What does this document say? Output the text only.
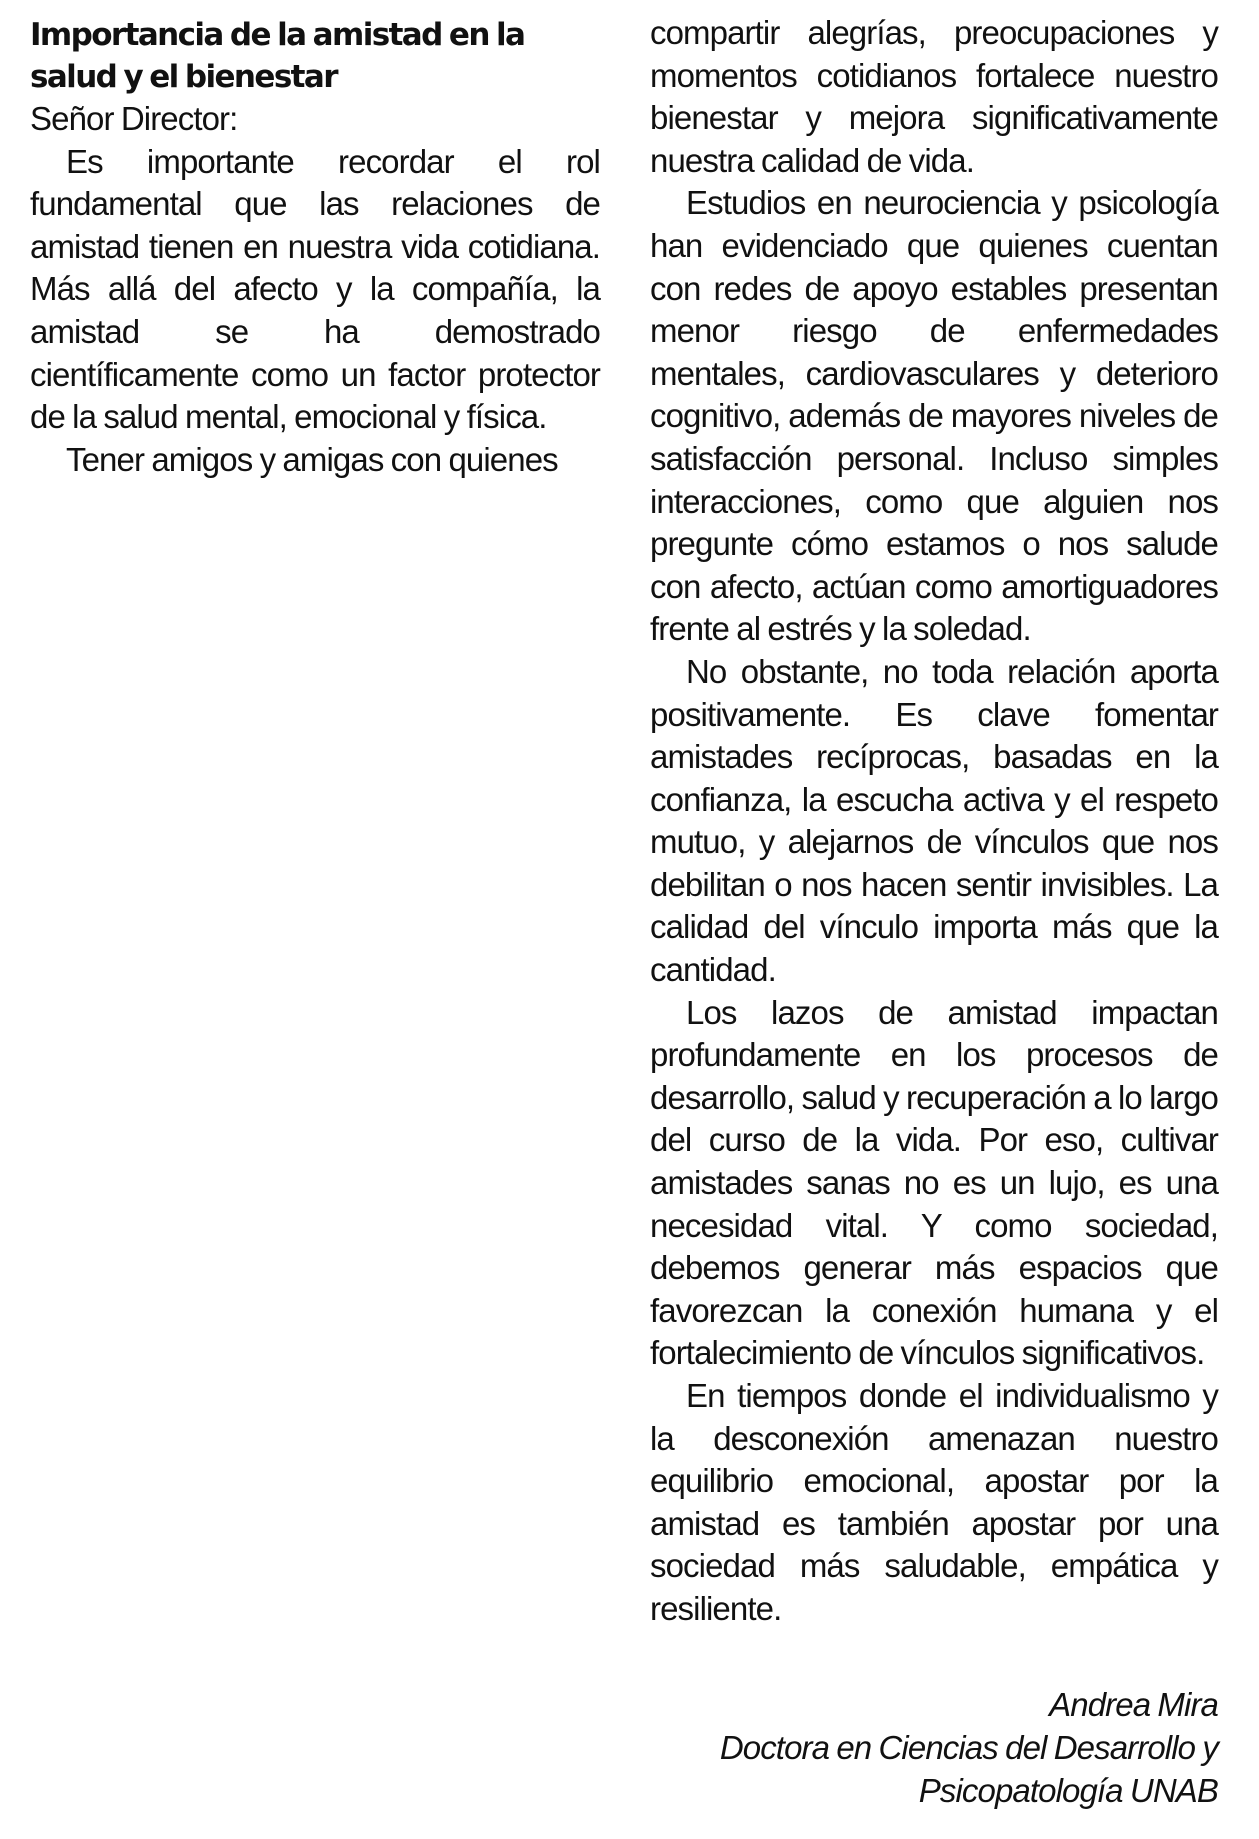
Importancia de la amistad en la salud y el bienestar

Señor Director:

Es importante recordar el rol fundamental que las relaciones de amistad tienen en nuestra vida cotidiana. Más allá del afecto y la compañía, la amistad se ha demostrado científicamente como un factor protector de la salud mental, emocional y física.

Tener amigos y amigas con quienes

compartir alegrías, preocupaciones y momentos cotidianos fortalece nuestro bienestar y mejora significativamente nuestra calidad de vida.

Estudios en neurociencia y psicología han evidenciado que quienes cuentan con redes de apoyo estables presentan menor riesgo de enfermedades mentales, cardiovasculares y deterioro cognitivo, además de mayores niveles de satisfacción personal. Incluso simples interacciones, como que alguien nos pregunte cómo estamos o nos salude con afecto, actúan como amortiguadores frente al estrés y la soledad.

No obstante, no toda relación aporta positivamente. Es clave fomentar amistades recíprocas, basadas en la confianza, la escucha activa y el respeto mutuo, y alejarnos de vínculos que nos debilitan o nos hacen sentir invisibles. La calidad del vínculo importa más que la cantidad.

Los lazos de amistad impactan profundamente en los procesos de desarrollo, salud y recuperación a lo largo del curso de la vida. Por eso, cultivar amistades sanas no es un lujo, es una necesidad vital. Y como sociedad, debemos generar más espacios que favorezcan la conexión humana y el fortalecimiento de vínculos significativos.

En tiempos donde el individualismo y la desconexión amenazan nuestro equilibrio emocional, apostar por la amistad es también apostar por una sociedad más saludable, empática y resiliente.

Andrea Mira
Doctora en Ciencias del Desarrollo y
Psicopatología UNAB
